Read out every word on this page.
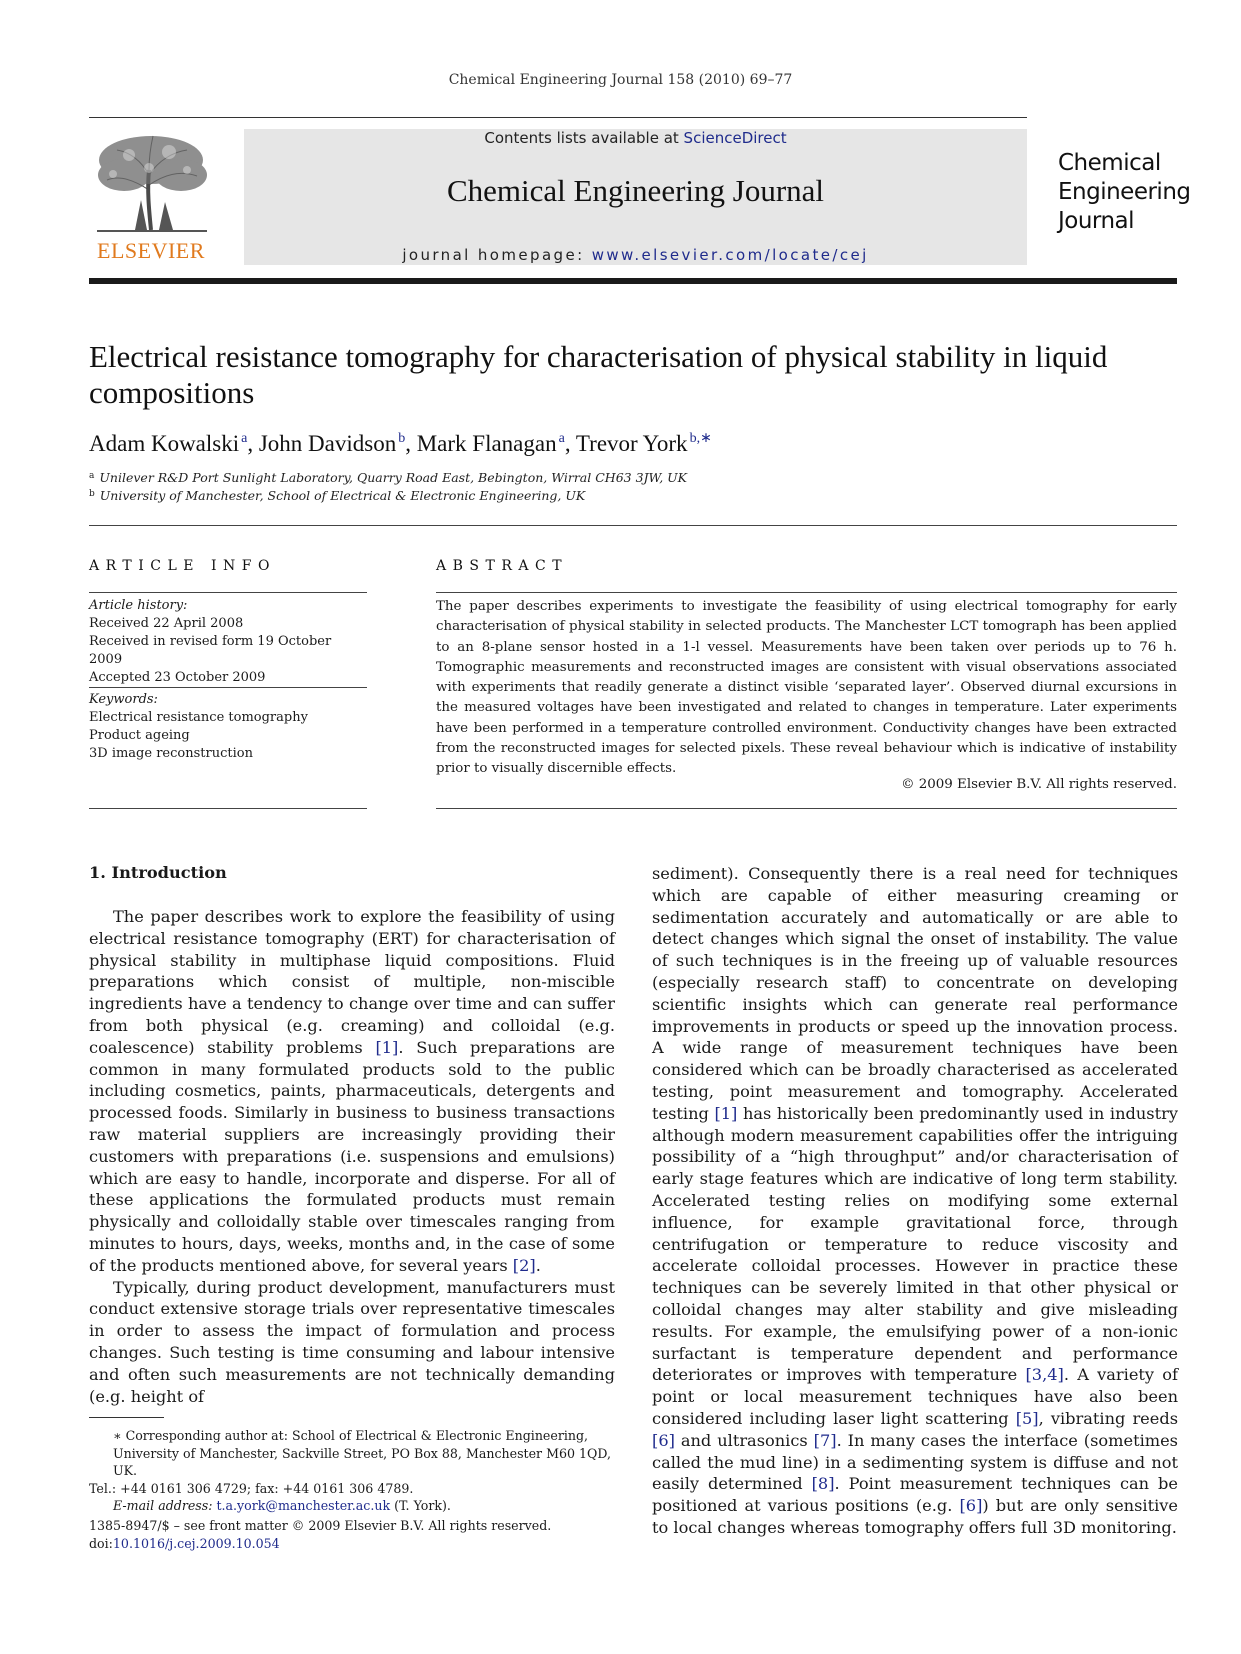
Chemical Engineering Journal 158 (2010) 69–77
ELSEVIER
Contents lists available at ScienceDirect
Chemical Engineering Journal
journal homepage: www.elsevier.com/locate/cej
Chemical
Engineering
Journal
Electrical resistance tomography for characterisation of physical stability in liquid compositions
Adam Kowalski $^a$, John Davidson $^b$, Mark Flanagan $^a$, Trevor York $^{b,∗}$
$^a$ Unilever R&D Port Sunlight Laboratory, Quarry Road East, Bebington, Wirral CH63 3JW, UK
$^b$ University of Manchester, School of Electrical & Electronic Engineering, UK
ARTICLE INFO
Article history:
Received 22 April 2008
Received in revised form 19 October 2009
Accepted 23 October 2009
Keywords:
Electrical resistance tomography
Product ageing
3D image reconstruction
ABSTRACT
The paper describes experiments to investigate the feasibility of using electrical tomography for early characterisation of physical stability in selected products. The Manchester LCT tomograph has been applied to an 8-plane sensor hosted in a 1-l vessel. Measurements have been taken over periods up to 76 h. Tomographic measurements and reconstructed images are consistent with visual observations associated with experiments that readily generate a distinct visible ‘separated layer’. Observed diurnal excursions in the measured voltages have been investigated and related to changes in temperature. Later experiments have been performed in a temperature controlled environment. Conductivity changes have been extracted from the reconstructed images for selected pixels. These reveal behaviour which is indicative of instability prior to visually discernible effects.
© 2009 Elsevier B.V. All rights reserved.
1. Introduction

The paper describes work to explore the feasibility of using electrical resistance tomography (ERT) for characterisation of physical stability in multiphase liquid compositions. Fluid preparations which consist of multiple, non-miscible ingredients have a tendency to change over time and can suffer from both physical (e.g. creaming) and colloidal (e.g. coalescence) stability problems [1]. Such preparations are common in many formulated products sold to the public including cosmetics, paints, pharmaceuticals, detergents and processed foods. Similarly in business to business transactions raw material suppliers are increasingly providing their customers with preparations (i.e. suspensions and emulsions) which are easy to handle, incorporate and disperse. For all of these applications the formulated products must remain physically and colloidally stable over timescales ranging from minutes to hours, days, weeks, months and, in the case of some of the products mentioned above, for several years [2].

Typically, during product development, manufacturers must conduct extensive storage trials over representative timescales in order to assess the impact of formulation and process changes. Such testing is time consuming and labour intensive and often such measurements are not technically demanding (e.g. height of

sediment). Consequently there is a real need for techniques which are capable of either measuring creaming or sedimentation accurately and automatically or are able to detect changes which signal the onset of instability. The value of such techniques is in the freeing up of valuable resources (especially research staff) to concentrate on developing scientific insights which can generate real performance improvements in products or speed up the innovation process. A wide range of measurement techniques have been considered which can be broadly characterised as accelerated testing, point measurement and tomography. Accelerated testing [1] has historically been predominantly used in industry although modern measurement capabilities offer the intriguing possibility of a “high throughput” and/or characterisation of early stage features which are indicative of long term stability. Accelerated testing relies on modifying some external influence, for example gravitational force, through centrifugation or temperature to reduce viscosity and accelerate colloidal processes. However in practice these techniques can be severely limited in that other physical or colloidal changes may alter stability and give misleading results. For example, the emulsifying power of a non-ionic surfactant is temperature dependent and performance deteriorates or improves with temperature [3,4]. A variety of point or local measurement techniques have also been considered including laser light scattering [5], vibrating reeds [6] and ultrasonics [7]. In many cases the interface (sometimes called the mud line) in a sedimenting system is diffuse and not easily determined [8]. Point measurement techniques can be positioned at various positions (e.g. [6]) but are only sensitive to local changes whereas tomography offers full 3D monitoring.

∗ Corresponding author at: School of Electrical & Electronic Engineering, University of Manchester, Sackville Street, PO Box 88, Manchester M60 1QD, UK.
Tel.: +44 0161 306 4729; fax: +44 0161 306 4789.
E-mail address: t.a.york@manchester.ac.uk (T. York).
1385-8947/$ – see front matter © 2009 Elsevier B.V. All rights reserved.
doi:10.1016/j.cej.2009.10.054
